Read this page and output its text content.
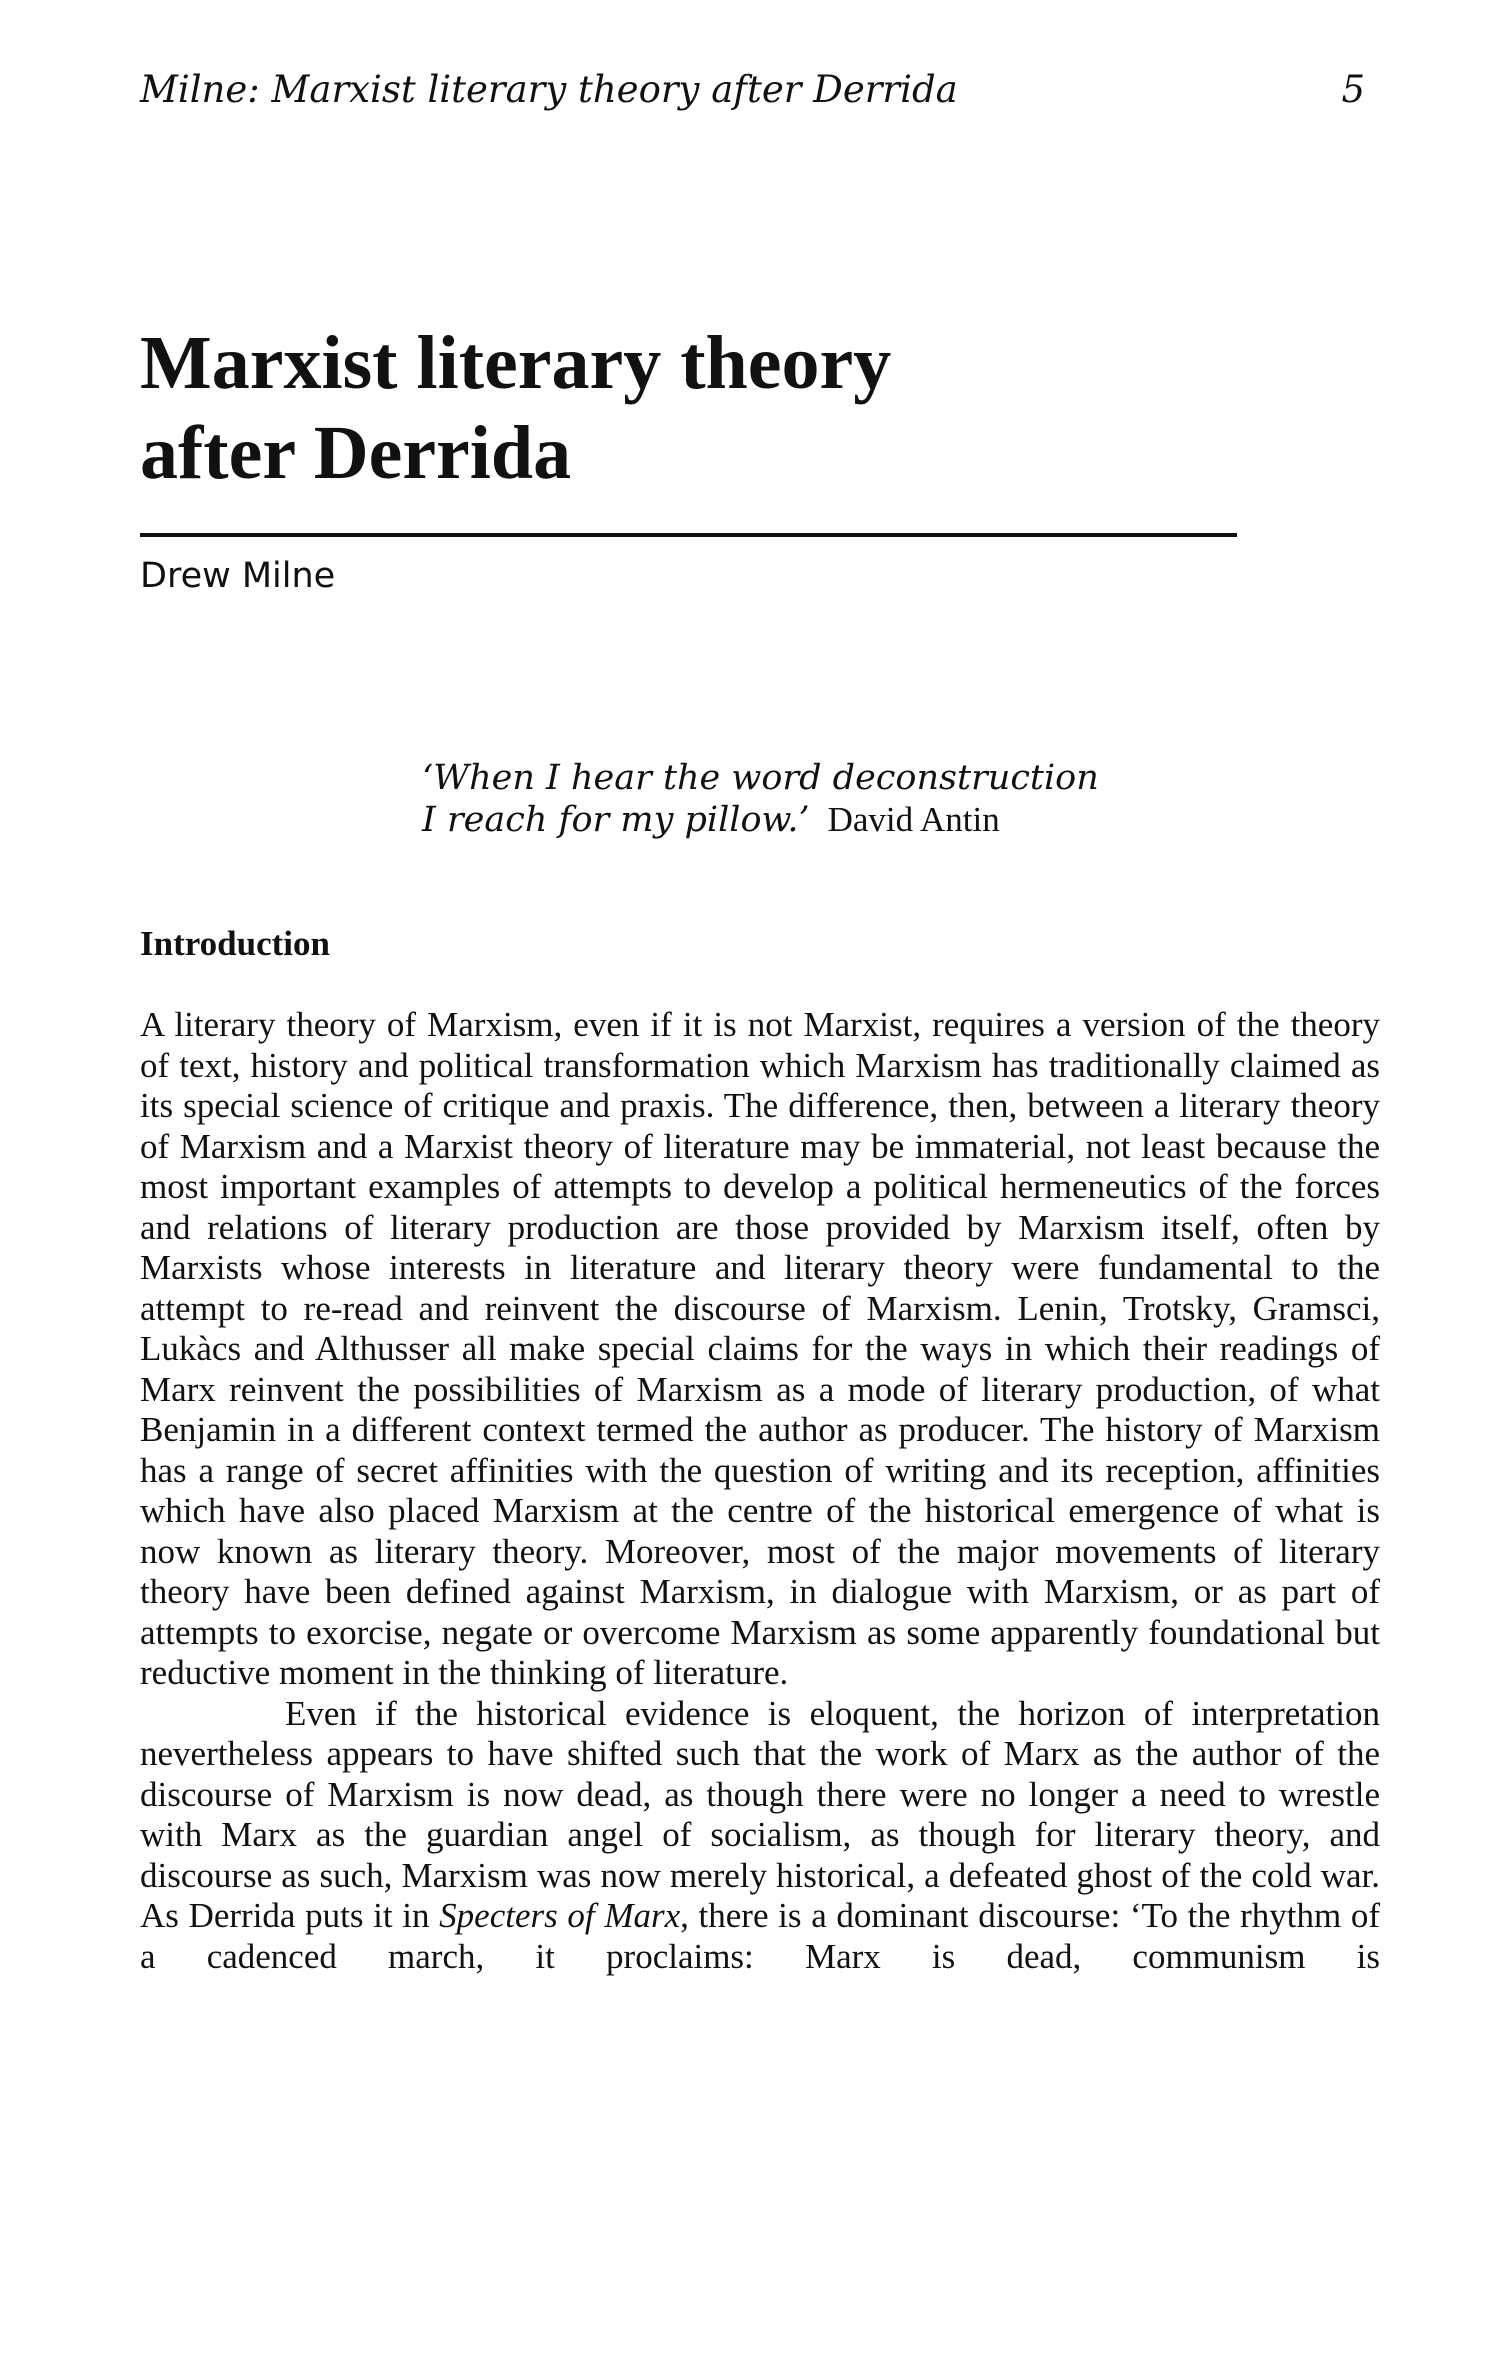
Milne: Marxist literary theory after Derrida	5
Marxist literary theory
after Derrida
Drew Milne
‘When I hear the word deconstruction
I reach for my pillow.’ David Antin
Introduction

A literary theory of Marxism, even if it is not Marxist, requires a version of the theory of text, history and political transformation which Marxism has traditionally claimed as its special science of critique and praxis. The difference, then, between a literary theory of Marxism and a Marxist theory of literature may be immaterial, not least because the most important examples of attempts to develop a political hermeneutics of the forces and relations of literary production are those provided by Marxism itself, often by Marxists whose interests in literature and literary theory were fundamental to the attempt to re-read and reinvent the discourse of Marxism. Lenin, Trotsky, Gramsci, Lukàcs and Althusser all make special claims for the ways in which their readings of Marx reinvent the possibilities of Marxism as a mode of literary production, of what Benjamin in a different context termed the author as producer. The history of Marxism has a range of secret affinities with the question of writing and its reception, affinities which have also placed Marxism at the centre of the historical emergence of what is now known as literary theory. Moreover, most of the major movements of literary theory have been defined against Marxism, in dialogue with Marxism, or as part of attempts to exorcise, negate or overcome Marxism as some apparently foundational but reductive moment in the thinking of literature.

Even if the historical evidence is eloquent, the horizon of interpretation nevertheless appears to have shifted such that the work of Marx as the author of the discourse of Marxism is now dead, as though there were no longer a need to wrestle with Marx as the guardian angel of socialism, as though for literary theory, and discourse as such, Marxism was now merely historical, a defeated ghost of the cold war. As Derrida puts it in Specters of Marx, there is a dominant discourse: ‘To the rhythm of a cadenced march, it proclaims: Marx is dead, communism is
